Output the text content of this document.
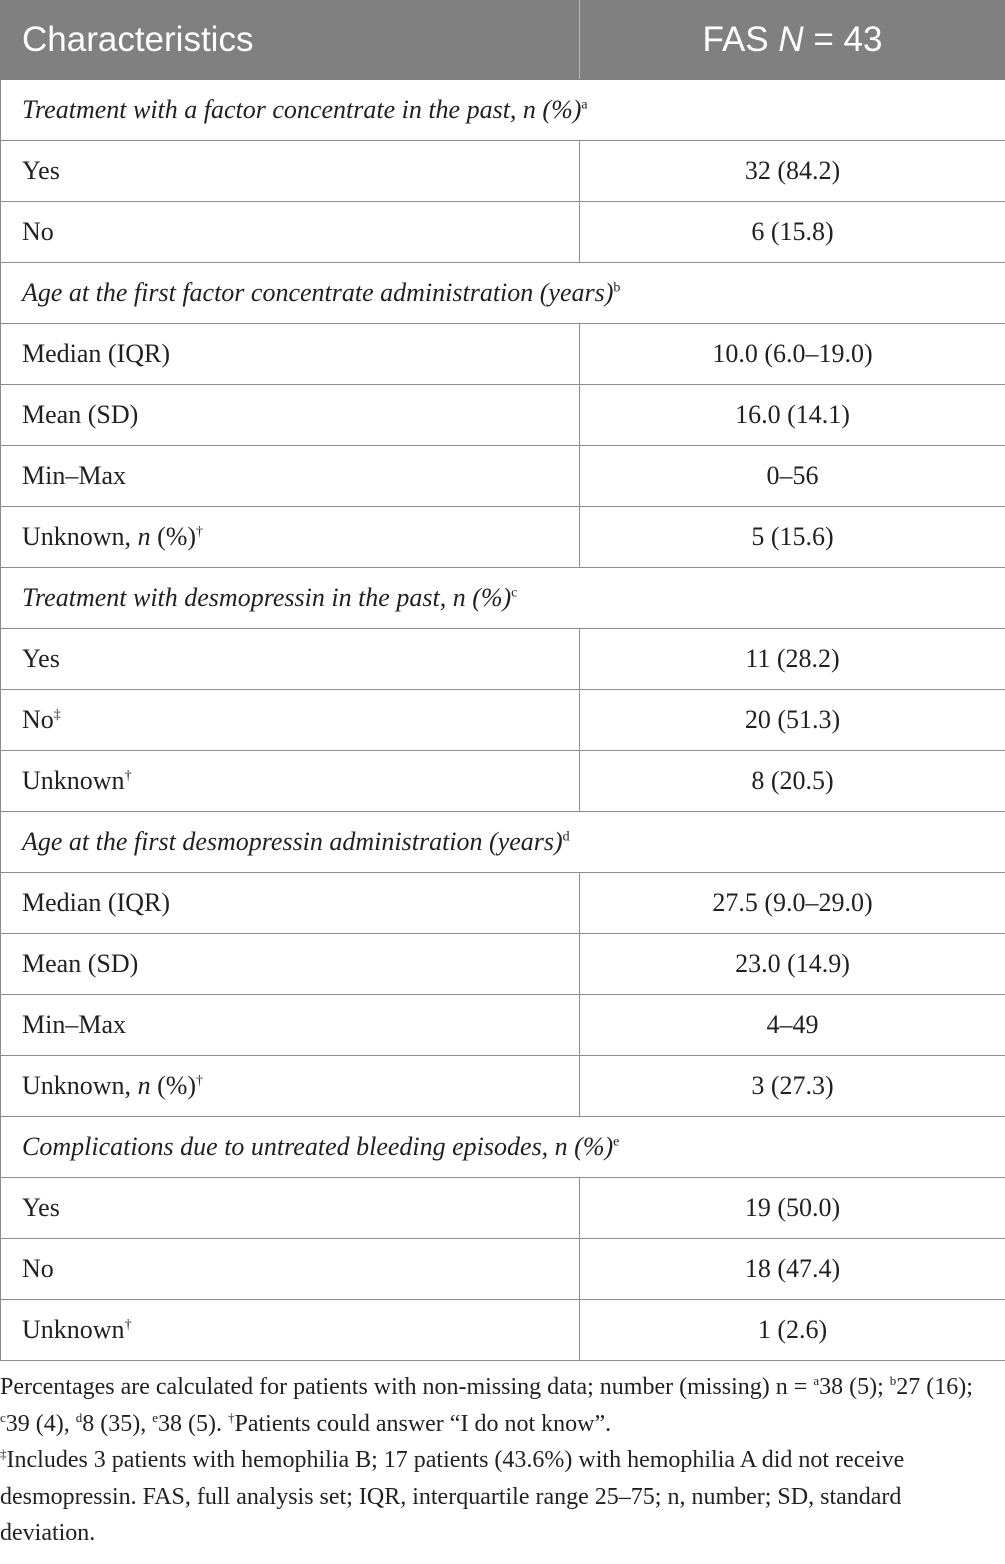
Characteristics	FAS N = 43
Treatment with a factor concentrate in the past, n (%)$^a$
Yes	32 (84.2)
No	6 (15.8)
Age at the first factor concentrate administration (years)$^b$
Median (IQR)	10.0 (6.0–19.0)
Mean (SD)	16.0 (14.1)
Min–Max	0–56
Unknown, n (%)†	5 (15.6)
Treatment with desmopressin in the past, n (%)$^c$
Yes	11 (28.2)
No‡	20 (51.3)
Unknown†	8 (20.5)
Age at the first desmopressin administration (years)$^d$
Median (IQR)	27.5 (9.0–29.0)
Mean (SD)	23.0 (14.9)
Min–Max	4–49
Unknown, n (%)†	3 (27.3)
Complications due to untreated bleeding episodes, n (%)$^e$
Yes	19 (50.0)
No	18 (47.4)
Unknown†	1 (2.6)

Percentages are calculated for patients with non-missing data; number (missing) n = $^a$38 (5); $^b$27 (16); $^c$39 (4), $^d$8 (35), $^e$38 (5). †Patients could answer “I do not know”.

‡Includes 3 patients with hemophilia B; 17 patients (43.6%) with hemophilia A did not receive desmopressin. FAS, full analysis set; IQR, interquartile range 25–75; n, number; SD, standard deviation.
